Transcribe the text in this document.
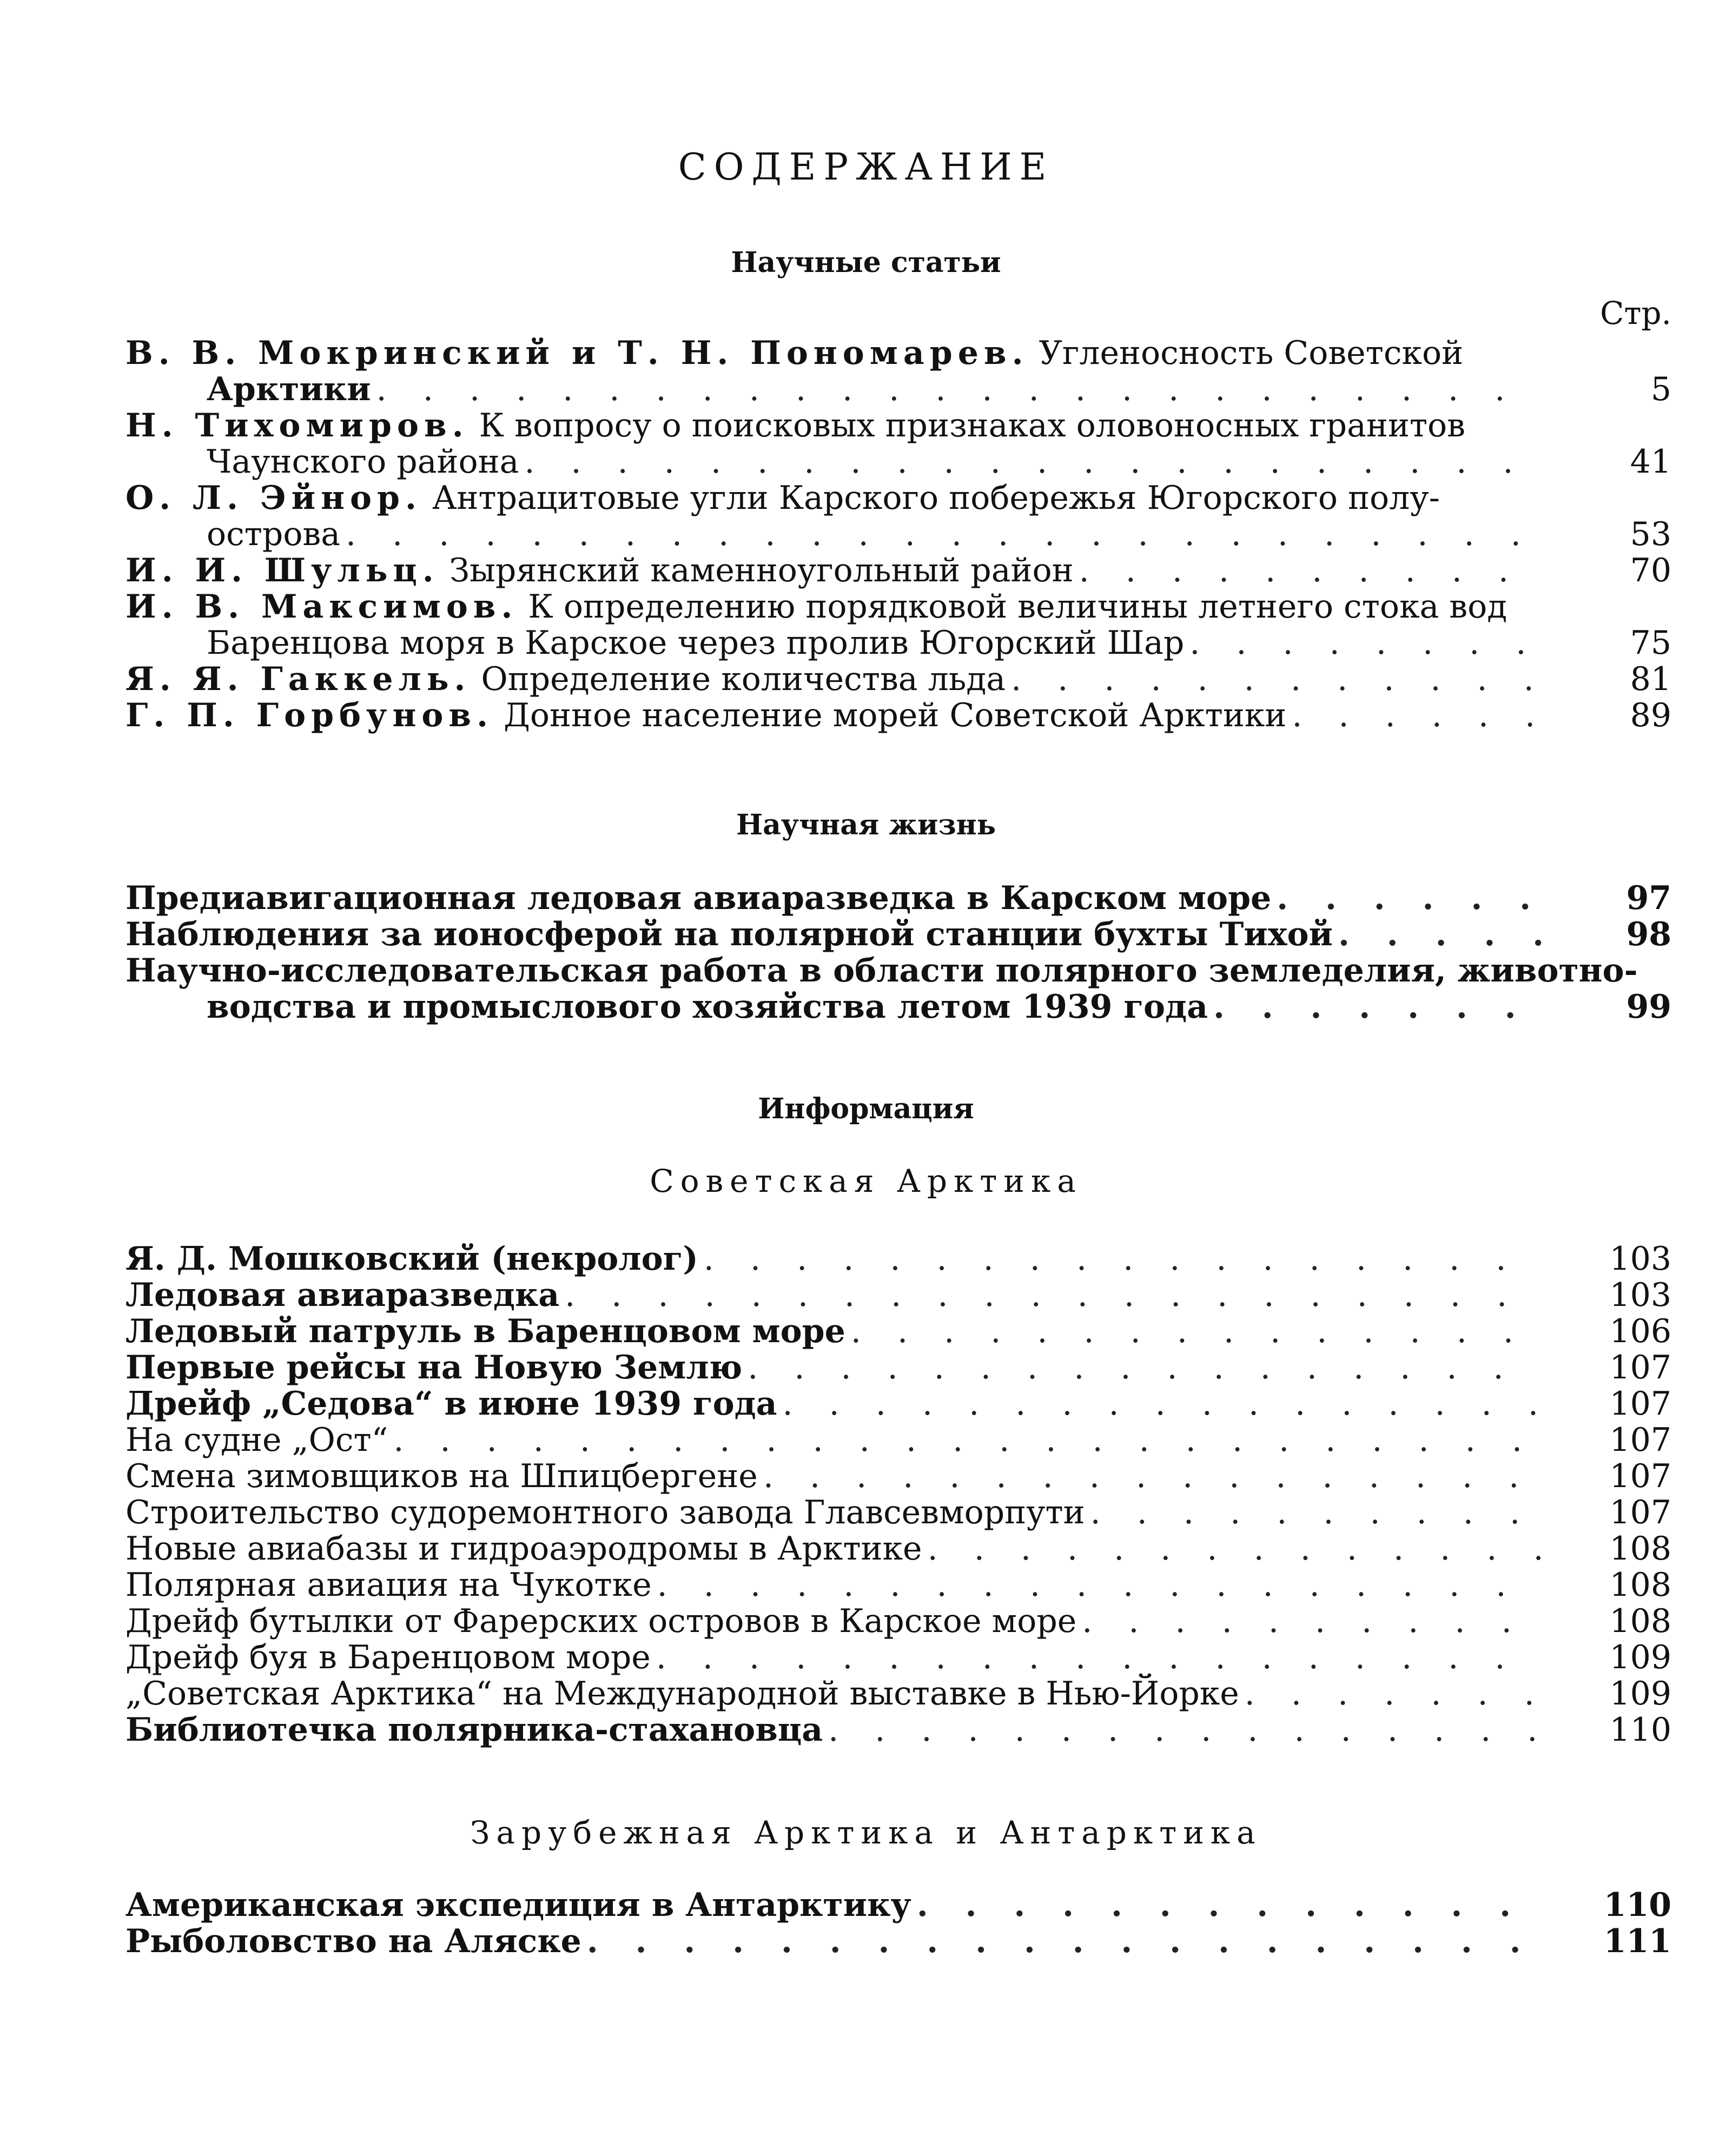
СОДЕРЖАНИЕ
Научные статьи
Стр.
В. В. Мокринский и Т. Н. Пономарев. Угленосность Советской
Арктики . . .	5
Н. Тихомиров. К вопросу о поисковых признаках оловоносных гранитов
Чаунского района . . .	41
О. Л. Эйнор. Антрацитовые угли Карского побережья Югорского полу-
острова . . .	53
И. И. Шульц. Зырянский каменноугольный район . . .	70
И. В. Максимов. К определению порядковой величины летнего стока вод
Баренцова моря в Карское через пролив Югорский Шар . . .	75
Я. Я. Гаккель. Определение количества льда . . .	81
Г. П. Горбунов. Донное население морей Советской Арктики . . .	89
Научная жизнь
Предиавигационная ледовая авиаразведка в Карском море . . .	97
Наблюдения за ионосферой на полярной станции бухты Тихой . . .	98
Научно-исследовательская работа в области полярного земледелия, животно-
водства и промыслового хозяйства летом 1939 года . . .	99
Информация
Советская Арктика
Я. Д. Мошковский (некролог) . . .	103
Ледовая авиаразведка . . .	103
Ледовый патруль в Баренцовом море . . .	106
Первые рейсы на Новую Землю . . .	107
Дрейф „Седова“ в июне 1939 года . . .	107
На судне „Ост“ . . .	107
Смена зимовщиков на Шпицбергене . . .	107
Строительство судоремонтного завода Главсевморпути . . .	107
Новые авиабазы и гидроаэродромы в Арктике . . .	108
Полярная авиация на Чукотке . . .	108
Дрейф бутылки от Фарерских островов в Карское море . . .	108
Дрейф буя в Баренцовом море . . .	109
„Советская Арктика“ на Международной выставке в Нью-Йорке . . .	109
Библиотечка полярника-стахановца . . .	110
Зарубежная Арктика и Антарктика
Американская экспедиция в Антарктику . . .	110
Рыболовство на Аляске . . .	111
